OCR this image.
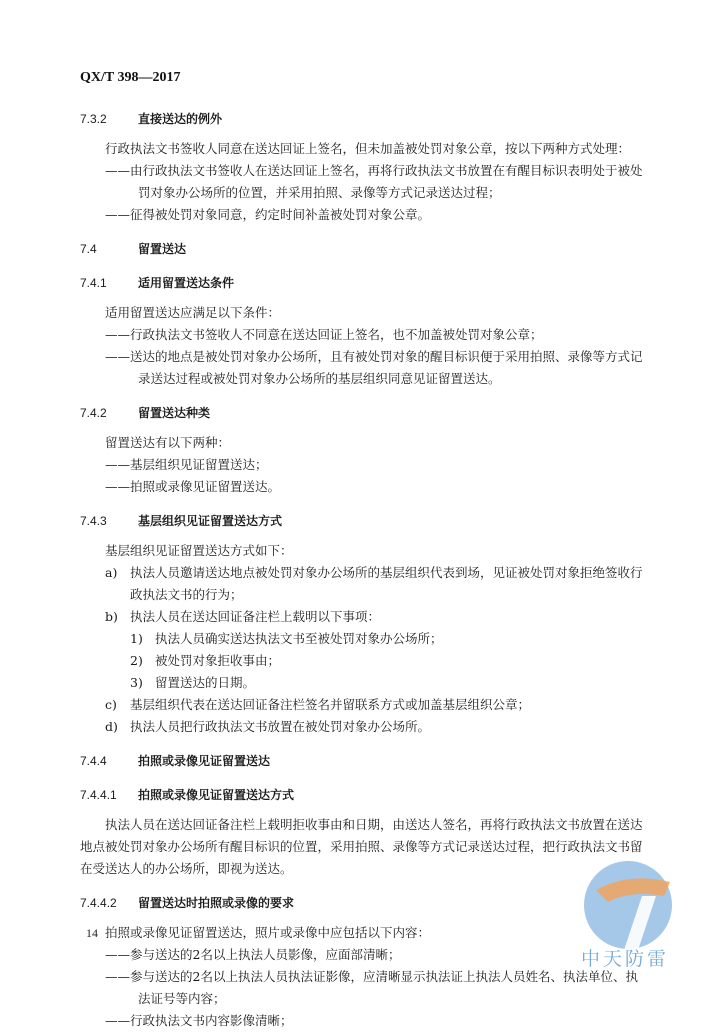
QX/T 398—2017
7.3.2	直接送达的例外

行政执法文书签收人同意在送达回证上签名，但未加盖被处罚对象公章，按以下两种方式处理：

——由行政执法文书签收人在送达回证上签名，再将行政执法文书放置在有醒目标识表明处于被处罚对象办公场所的位置，并采用拍照、录像等方式记录送达过程；

——征得被处罚对象同意，约定时间补盖被处罚对象公章。

7.4	留置送达
7.4.1	适用留置送达条件

适用留置送达应满足以下条件：

——行政执法文书签收人不同意在送达回证上签名，也不加盖被处罚对象公章；

——送达的地点是被处罚对象办公场所，且有被处罚对象的醒目标识便于采用拍照、录像等方式记录送达过程或被处罚对象办公场所的基层组织同意见证留置送达。

7.4.2	留置送达种类

留置送达有以下两种：

——基层组织见证留置送达；

——拍照或录像见证留置送达。

7.4.3	基层组织见证留置送达方式

基层组织见证留置送达方式如下：

a) 执法人员邀请送达地点被处罚对象办公场所的基层组织代表到场，见证被处罚对象拒绝签收行政执法文书的行为；

b) 执法人员在送达回证备注栏上载明以下事项：

1) 执法人员确实送达执法文书至被处罚对象办公场所；

2) 被处罚对象拒收事由；

3) 留置送达的日期。

c) 基层组织代表在送达回证备注栏签名并留联系方式或加盖基层组织公章；

d) 执法人员把行政执法文书放置在被处罚对象办公场所。

7.4.4	拍照或录像见证留置送达
7.4.4.1 拍照或录像见证留置送达方式

执法人员在送达回证备注栏上载明拒收事由和日期，由送达人签名，再将行政执法文书放置在送达地点被处罚对象办公场所有醒目标识的位置，采用拍照、录像等方式记录送达过程，把行政执法文书留在受送达人的办公场所，即视为送达。

7.4.4.2 留置送达时拍照或录像的要求

拍照或录像见证留置送达，照片或录像中应包括以下内容：

——参与送达的2名以上执法人员影像，应面部清晰；

——参与送达的2名以上执法人员执法证影像，应清晰显示执法证上执法人员姓名、执法单位、执法证号等内容；

——行政执法文书内容影像清晰；

14
中天防雷
